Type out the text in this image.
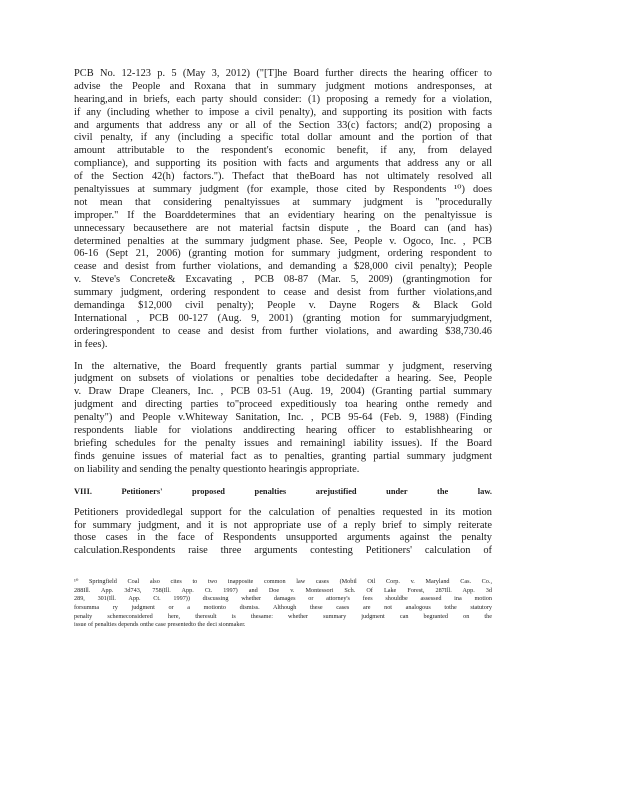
PCB No. 12-123 p. 5 (May 3, 2012) ("[T]he Board further directs the hearing officer to
advise the People and Roxana that in summary judgment motions andresponses, at
hearing,and in briefs, each party should consider: (1) proposing a remedy for a violation,
if any (including whether to impose a civil penalty), and supporting its position with facts
and arguments that address any or all of the Section 33(c) factors; and(2) proposing a
civil penalty, if any (including a specific total dollar amount and the portion of that
amount attributable to the respondent's economic benefit, if any, from delayed
compliance), and supporting its position with facts and arguments that address any or all
of the Section 42(h) factors."). Thefact that theBoard has not ultimately resolved all
penaltyissues at summary judgment (for example, those cited by Respondents ¹⁰) does
not mean that considering penaltyissues at summary judgment is "procedurally
improper." If the Boarddetermines that an evidentiary hearing on the penaltyissue is
unnecessary becausethere are not material factsin dispute , the Board can (and has)
determined penalties at the summary judgment phase. See, People v. Ogoco, Inc. , PCB
06-16 (Sept 21, 2006) (granting motion for summary judgment, ordering respondent to
cease and desist from further violations, and demanding a $28,000 civil penalty); People
v. Steve's Concrete& Excavating , PCB 08-87 (Mar. 5, 2009) (grantingmotion for
summary judgment, ordering respondent to cease and desist from further violations,and
demandinga $12,000 civil penalty); People v. Dayne Rogers & Black Gold
International , PCB 00-127 (Aug. 9, 2001) (granting motion for summaryjudgment,
orderingrespondent to cease and desist from further violations, and awarding $38,730.46
in fees).
In the alternative, the Board frequently grants partial summar y judgment, reserving
judgment on subsets of violations or penalties tobe decidedafter a hearing. See, People
v. Draw Drape Cleaners, Inc. , PCB 03-51 (Aug. 19, 2004) (Granting partial summary
judgment and directing parties to"proceed expeditiously toa hearing onthe remedy and
penalty") and People v.Whiteway Sanitation, Inc. , PCB 95-64 (Feb. 9, 1988) (Finding
respondents liable for violations anddirecting hearing officer to establishhearing or
briefing schedules for the penalty issues and remainingl iability issues). If the Board
finds genuine issues of material fact as to penalties, granting partial summary judgment
on liability and sending the penalty questionto hearingis appropriate.
VIII. Petitioners' proposed penalties arejustified under the law.
Petitioners providedlegal support for the calculation of penalties requested in its motion
for summary judgment, and it is not appropriate use of a reply brief to simply reiterate
those cases in the face of Respondents unsupported arguments against the penalty
calculation.Respondents raise three arguments contesting Petitioners' calculation of
¹⁰ Springfield Coal also cites to two inapposite common law cases (Mobil Oil Corp. v. Maryland Cas. Co.,
288Ill. App. 3d743, 758(Ill. App. Ct. 1997) and Doe v. Montessori Sch. Of Lake Forest, 287Ill. App. 3d
289, 301(Ill. App. Ct. 1997)) discussing whether damages or attorney's fees shouldbe assessed ina motion
forsumma ry judgment or a motionto dismiss. Although these cases are not analogous tothe statutory
penalty schemeconsidered here, theresult is thesame: whether summary judgment can begranted on the
issue of penalties depends onthe case presentedto the deci sionmaker.
